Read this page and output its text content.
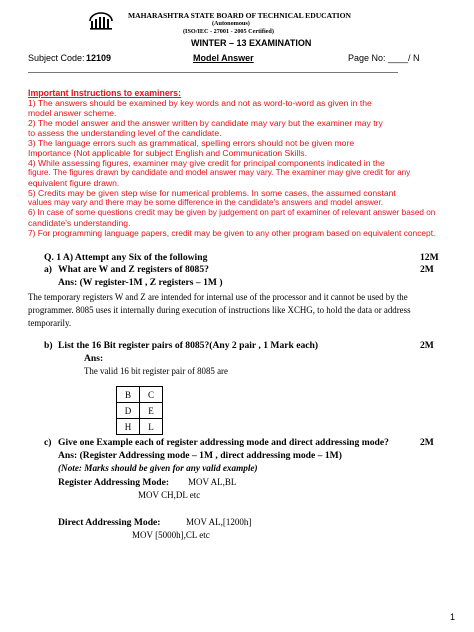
MAHARASHTRA STATE BOARD OF TECHNICAL EDUCATION
(Autonomous)
(ISO/IEC - 27001 - 2005 Certified)
WINTER – 13 EXAMINATION
Subject Code: 12109	Model Answer	Page No: ____/ N
Important Instructions to examiners:
1) The answers should be examined by key words and not as word-to-word as given in the
model answer scheme.
2) The model answer and the answer written by candidate may vary but the examiner may try
to assess the understanding level of the candidate.
3) The language errors such as grammatical, spelling errors should not be given more
Importance (Not applicable for subject English and Communication Skills.
4) While assessing figures, examiner may give credit for principal components indicated in the
figure. The figures drawn by candidate and model answer may vary. The examiner may give credit for any
equivalent figure drawn.
5) Credits may be given step wise for numerical problems. In some cases, the assumed constant
values may vary and there may be some difference in the candidate's answers and model answer.
6) In case of some questions credit may be given by judgement on part of examiner of relevant answer based on
candidate's understanding.
7) For programming language papers, credit may be given to any other program based on equivalent concept.
Q. 1 A) Attempt any Six of the following	12M
a) What are W and Z registers of 8085?	2M
Ans: (W register-1M , Z registers – 1M )
The temporary registers W and Z are intended for internal use of the processor and it cannot be used by the
programmer. 8085 uses it internally during execution of instructions like XCHG, to hold the data or address
temporarily.
b) List the 16 Bit register pairs of 8085?(Any 2 pair , 1 Mark each)	2M
Ans:
The valid 16 bit register pair of 8085 are
B	C
D	E
H	L
c) Give one Example each of register addressing mode and direct addressing mode?	2M
Ans: (Register Addressing mode – 1M , direct addressing mode – 1M)
(Note: Marks should be given for any valid example)
Register Addressing Mode: MOV AL,BL
MOV CH,DL etc
Direct Addressing Mode:	MOV AL,[1200h]
MOV [5000h],CL etc
1
